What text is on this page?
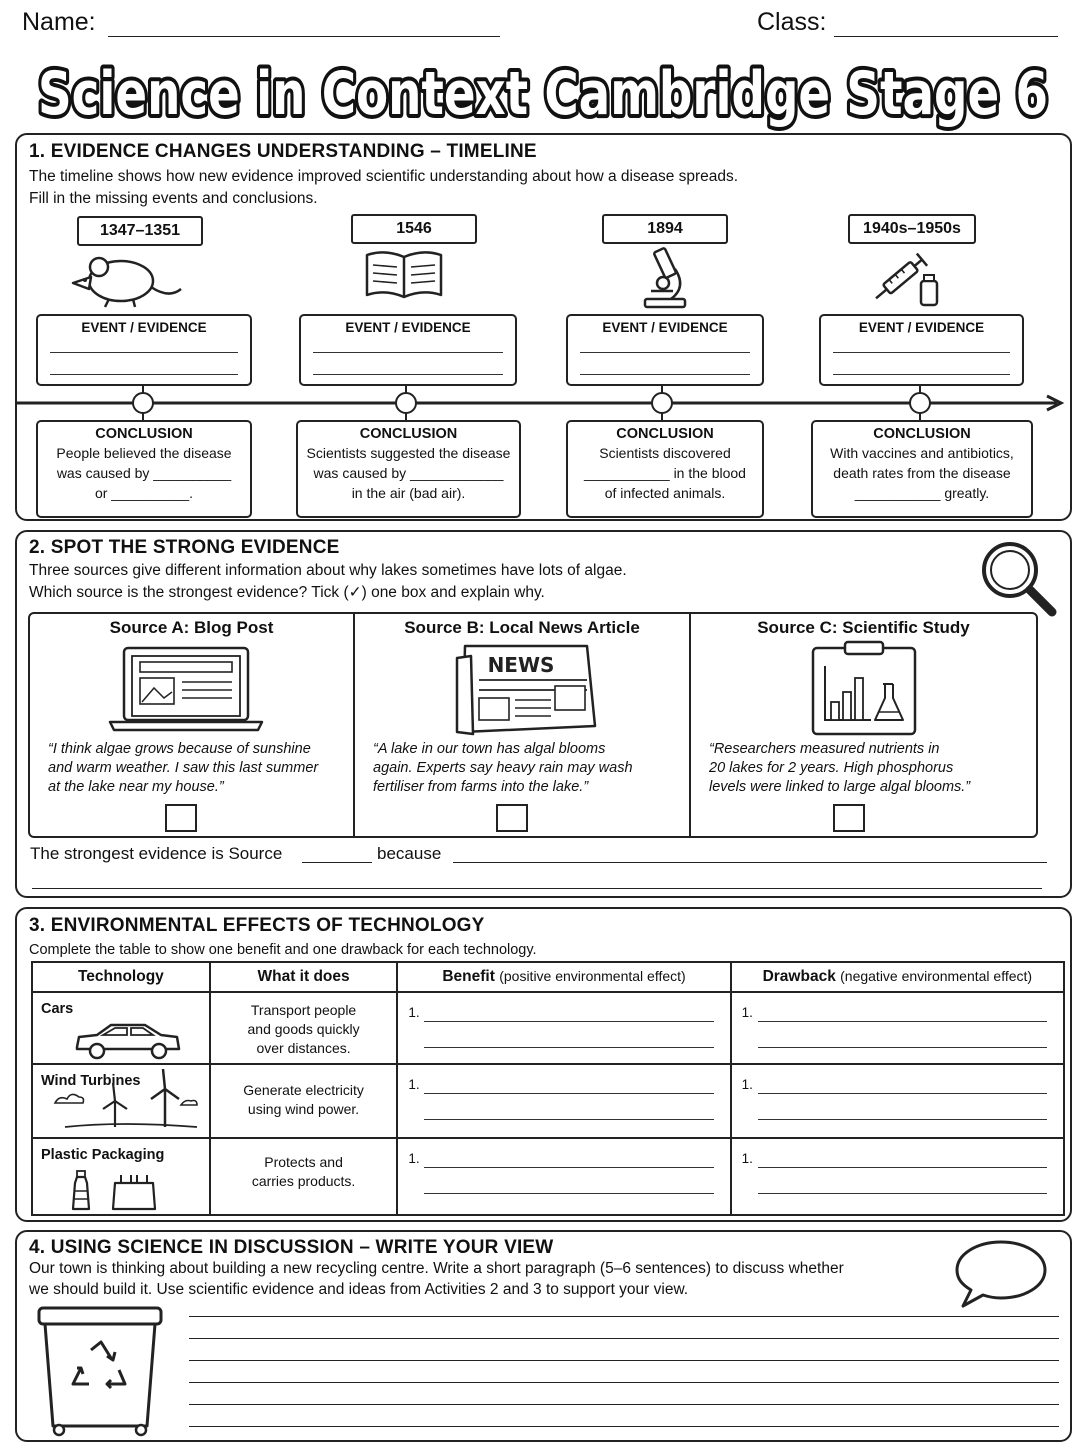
Name:	Class:
Science in Context Cambridge Stage 6
1. EVIDENCE CHANGES UNDERSTANDING – TIMELINE
The timeline shows how new evidence improved scientific understanding about how a disease spreads.
Fill in the missing events and conclusions.
1347–1351
EVENT / EVIDENCE
CONCLUSION
People believed the disease
was caused by __________
or __________.
1546
EVENT / EVIDENCE
CONCLUSION
Scientists suggested the disease
was caused by ____________
in the air (bad air).
1894
EVENT / EVIDENCE
CONCLUSION
Scientists discovered
___________ in the blood
of infected animals.
1940s–1950s
EVENT / EVIDENCE
CONCLUSION
With vaccines and antibiotics,
death rates from the disease
___________ greatly.
2. SPOT THE STRONG EVIDENCE
Three sources give different information about why lakes sometimes have lots of algae.
Which source is the strongest evidence? Tick (✓) one box and explain why.
Source A: Blog Post
“I think algae grows because of sunshine
and warm weather. I saw this last summer
at the lake near my house.”
Source B: Local News Article
NEWS
“A lake in our town has algal blooms
again. Experts say heavy rain may wash
fertiliser from farms into the lake.”
Source C: Scientific Study
“Researchers measured nutrients in
20 lakes for 2 years. High phosphorus
levels were linked to large algal blooms.”
The strongest evidence is Source	because
3. ENVIRONMENTAL EFFECTS OF TECHNOLOGY
Complete the table to show one benefit and one drawback for each technology.
Technology	What it does	Benefit (positive environmental effect)	Drawback (negative environmental effect)

Cars	Transport people
and goods quickly
over distances.	1.	1.

Wind Turbines	Generate electricity
using wind power.	1.	1.

Plastic Packaging	Protects and
carries products.	1.	1.
4. USING SCIENCE IN DISCUSSION – WRITE YOUR VIEW
Our town is thinking about building a new recycling centre. Write a short paragraph (5–6 sentences) to discuss whether
we should build it. Use scientific evidence and ideas from Activities 2 and 3 to support your view.
